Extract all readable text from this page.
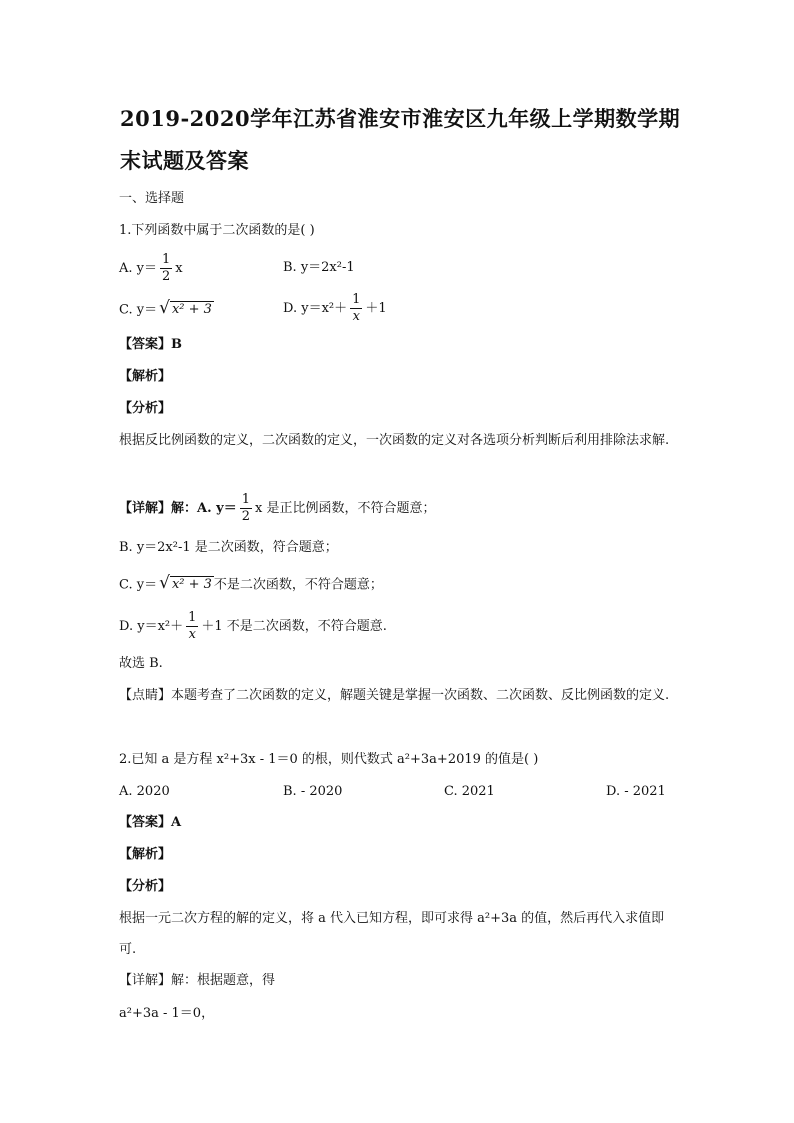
2019-2020学年江苏省淮安市淮安区九年级上学期数学期末试题及答案
一、选择题
1.下列函数中属于二次函数的是( )
A. $y= \frac{1}{2}$ x	B. y＝2x²-1
C. y＝ √ x² + 3	D. $y=x^2+ \frac{1}{x} +1$
【答案】B
【解析】
【分析】
根据反比例函数的定义，二次函数的定义，一次函数的定义对各选项分析判断后利用排除法求解.
【详解】解：A. $y= \frac{1}{2}$ x 是正比例函数，不符合题意；
B. y＝2x²-1 是二次函数，符合题意；
C. y＝ √ x² + 3 不是二次函数，不符合题意；
D. $y=x^2+ \frac{1}{x} +1$ 不是二次函数，不符合题意.
故选 B.
【点睛】本题考查了二次函数的定义，解题关键是掌握一次函数、二次函数、反比例函数的定义.
2.已知 a 是方程 x²+3x - 1＝0 的根，则代数式 a²+3a+2019 的值是( )
A. 2020	B. - 2020	C. 2021	D. - 2021
【答案】A
【解析】
【分析】
根据一元二次方程的解的定义，将 a 代入已知方程，即可求得 a²+3a 的值，然后再代入求值即可.
【详解】解：根据题意，得
a²+3a - 1＝0，
